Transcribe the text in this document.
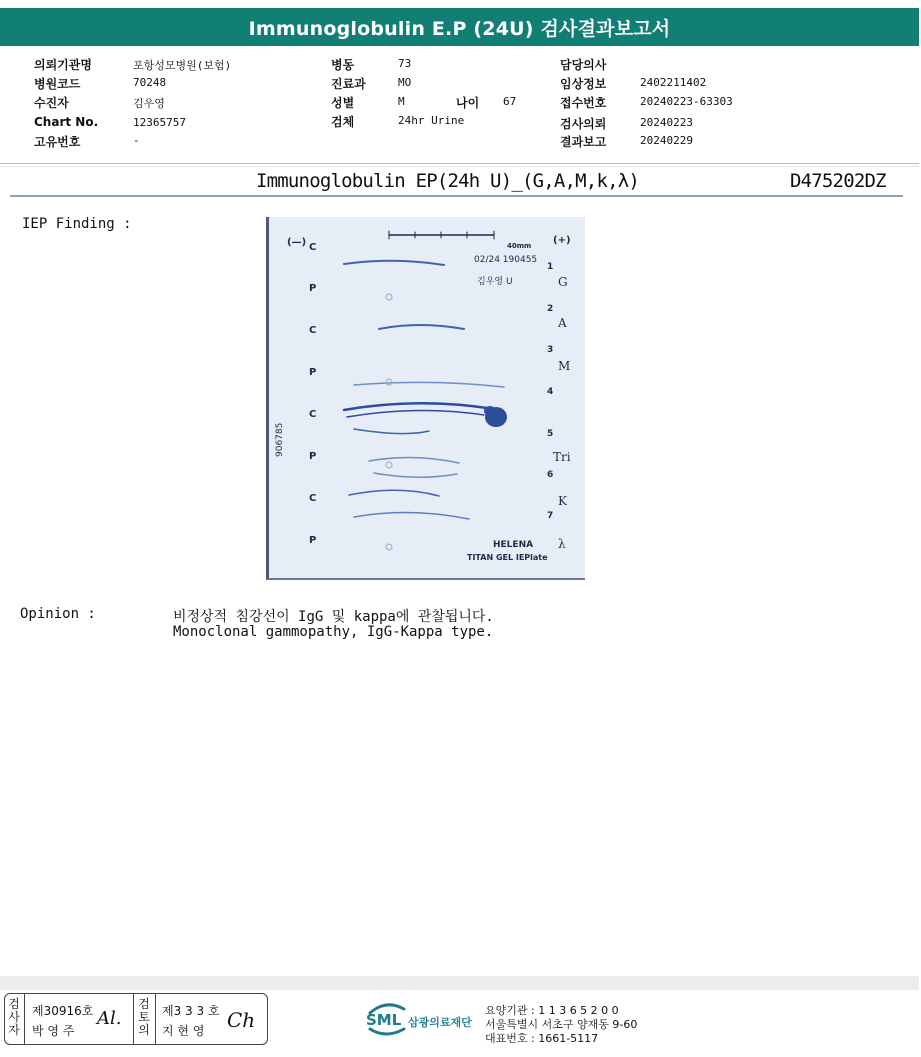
Immunoglobulin E.P (24U) 검사결과보고서
의뢰기관명	포항성모병원(보험)
병원코드	70248
수진자	김우영
Chart No.	12365757
고유번호	-
병동	73
진료과	MO
성별	M	나이 67
검체	24hr Urine
담당의사
임상정보	2402211402
접수번호	20240223-63303
검사의뢰	20240223
결과보고	20240229
Immunoglobulin EP(24h U)_(G,A,M,k,λ)	D475202DZ
IEP Finding :
(—)	(+)
40mm
02/24 190455
김우영 U
906785
C
P
C
P
C
P
C
P
1
2
3
4
5
6
7
G
A
M
Tri
K
λ
HELENA
TITAN GEL IEPlate
Opinion :	비정상적 침강선이 IgG 및 kappa에 관찰됩니다.
Monoclonal gammopathy, IgG-Kappa type.
검
사
자
제30916호
박 영 주
Al.
검
토
의
제3 3 3 호
지 현 영 Ch	SML 삼광의료재단
요양기관 : 1 1 3 6 5 2 0 0
서울특별시 서초구 양재동 9-60
대표번호 : 1661-5117
